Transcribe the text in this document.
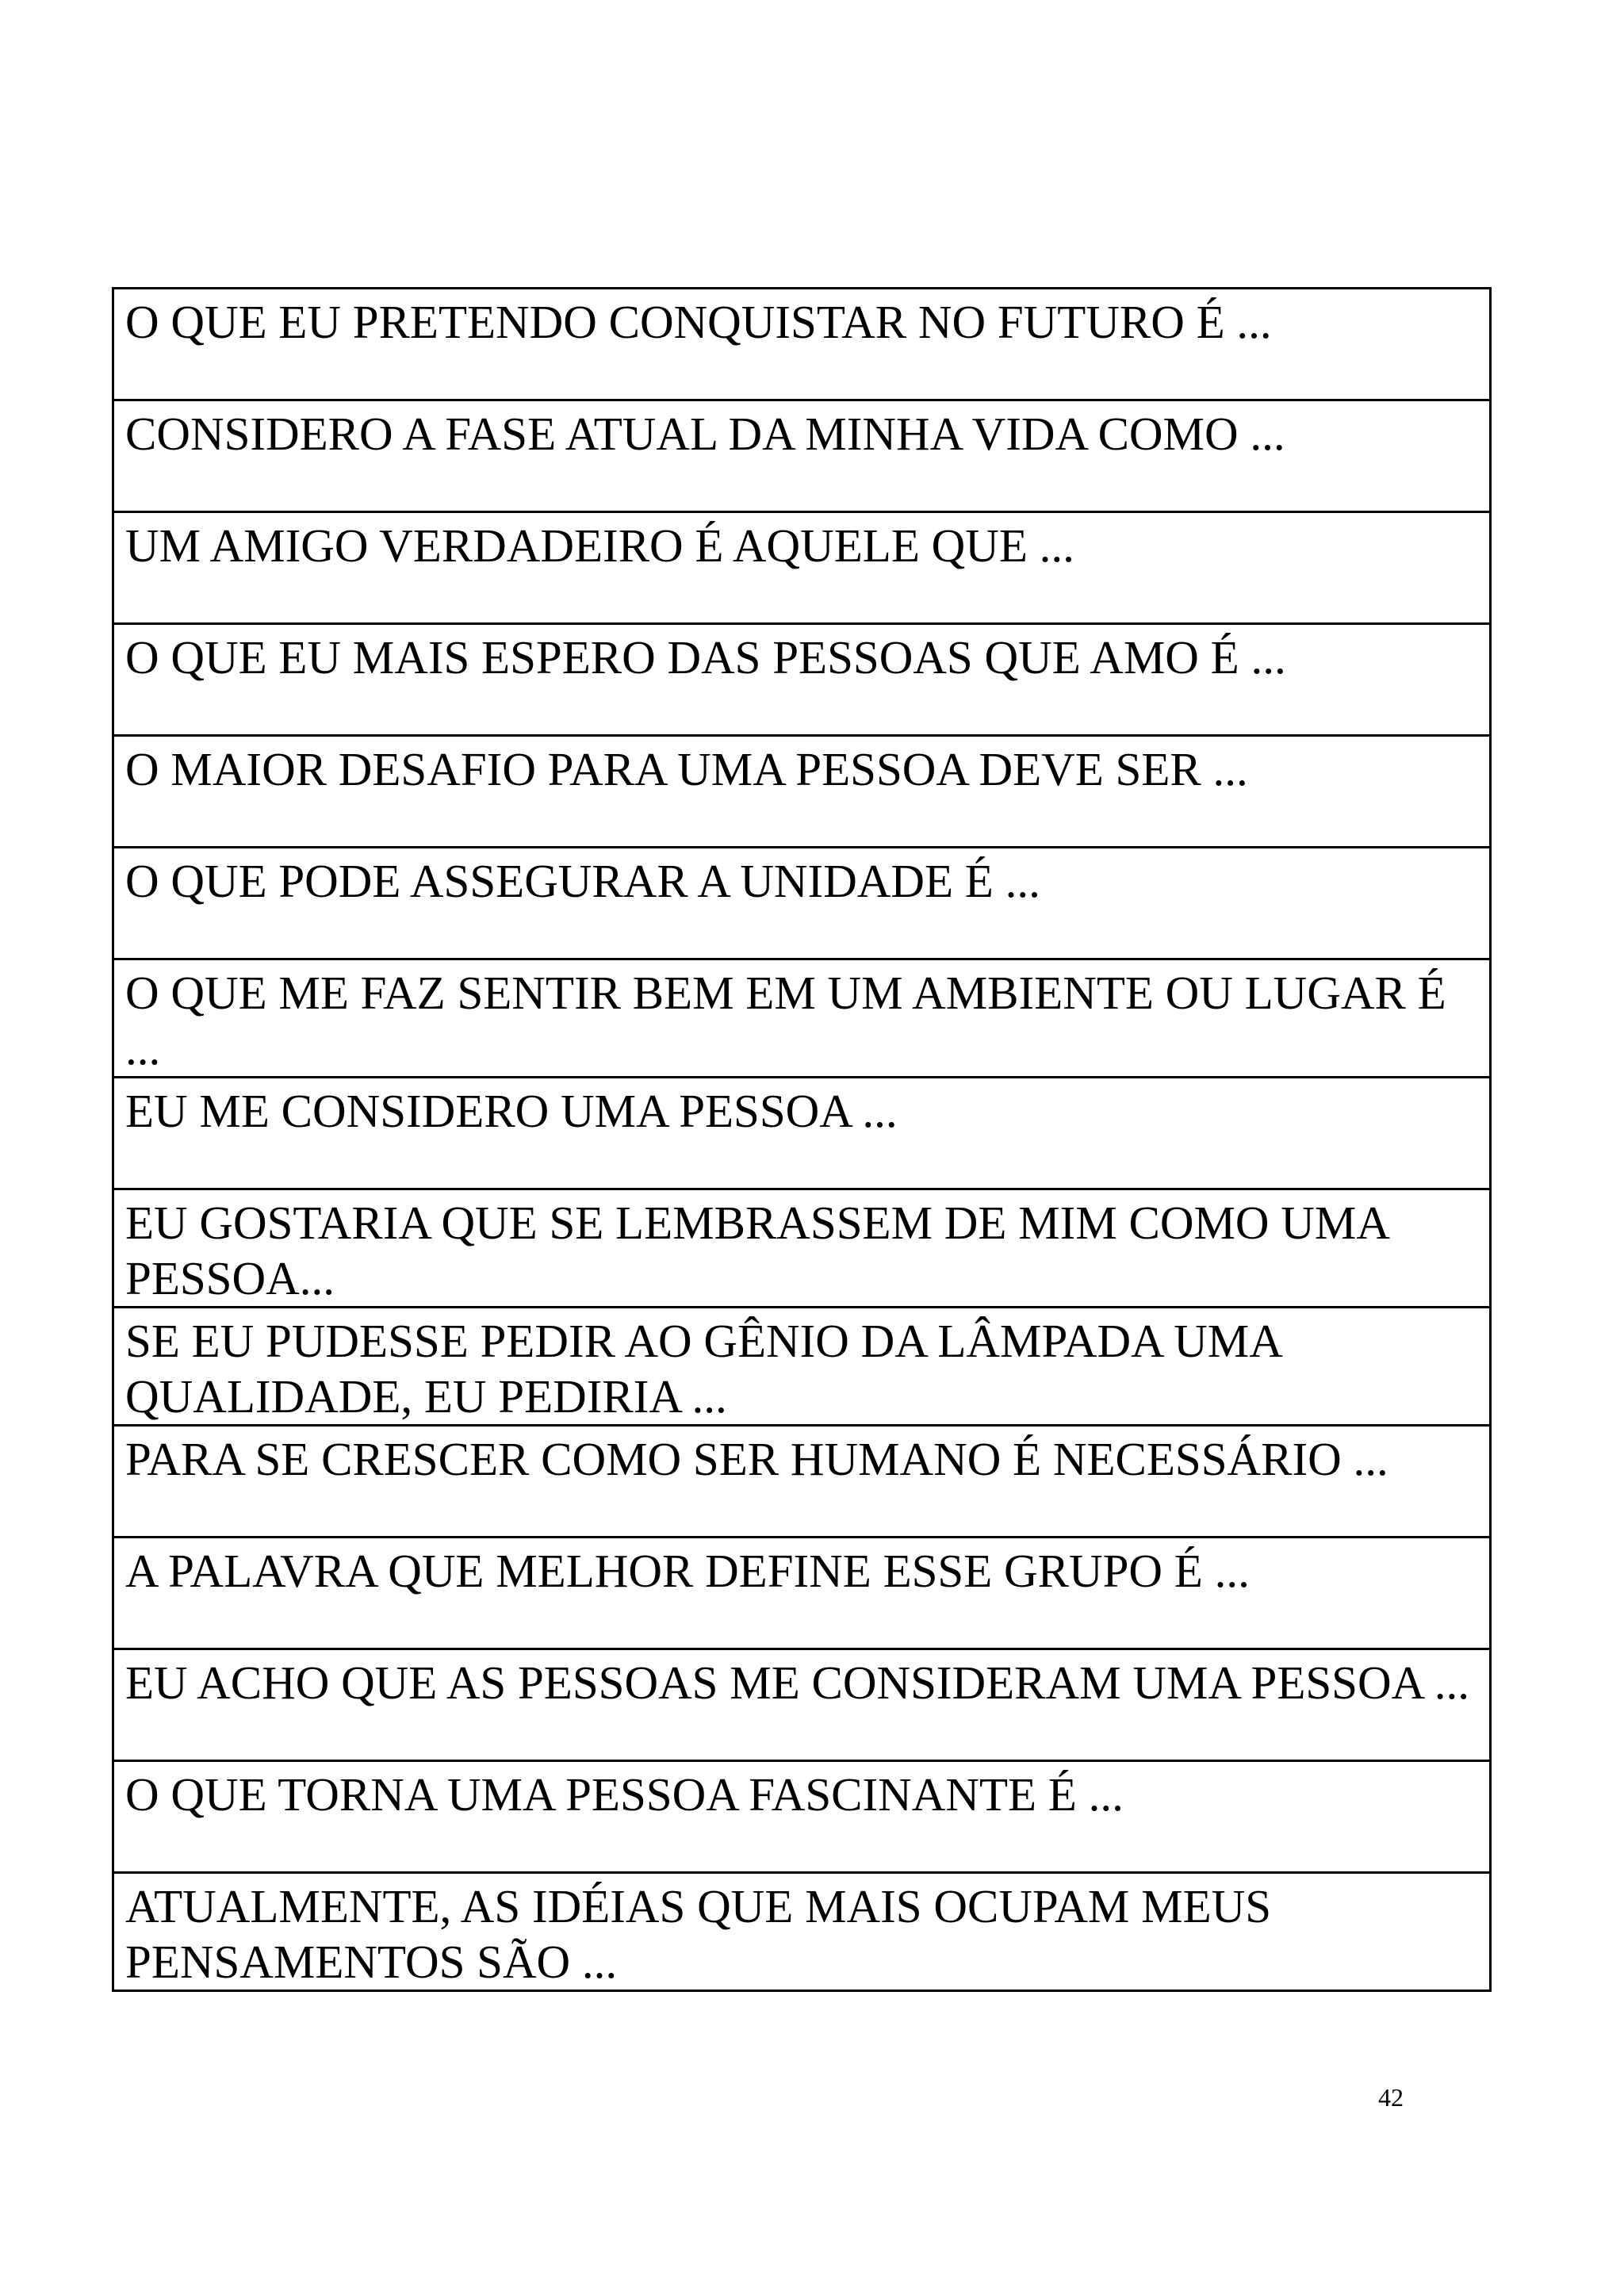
O QUE EU PRETENDO CONQUISTAR NO FUTURO É ...
CONSIDERO A FASE ATUAL DA MINHA VIDA COMO ...
UM AMIGO VERDADEIRO É AQUELE QUE ...
O QUE EU MAIS ESPERO DAS PESSOAS QUE AMO É ...
O MAIOR DESAFIO PARA UMA PESSOA DEVE SER ...
O QUE PODE ASSEGURAR A UNIDADE É ...
O QUE ME FAZ SENTIR BEM EM UM AMBIENTE OU LUGAR É ...
EU ME CONSIDERO UMA PESSOA ...
EU GOSTARIA QUE SE LEMBRASSEM DE MIM COMO UMA PESSOA...
SE EU PUDESSE PEDIR AO GÊNIO DA LÂMPADA UMA QUALIDADE, EU PEDIRIA ...
PARA SE CRESCER COMO SER HUMANO É NECESSÁRIO ...
A PALAVRA QUE MELHOR DEFINE ESSE GRUPO É ...
EU ACHO QUE AS PESSOAS ME CONSIDERAM UMA PESSOA ...
O QUE TORNA UMA PESSOA FASCINANTE É ...
ATUALMENTE, AS IDÉIAS QUE MAIS OCUPAM MEUS PENSAMENTOS SÃO ...
42
